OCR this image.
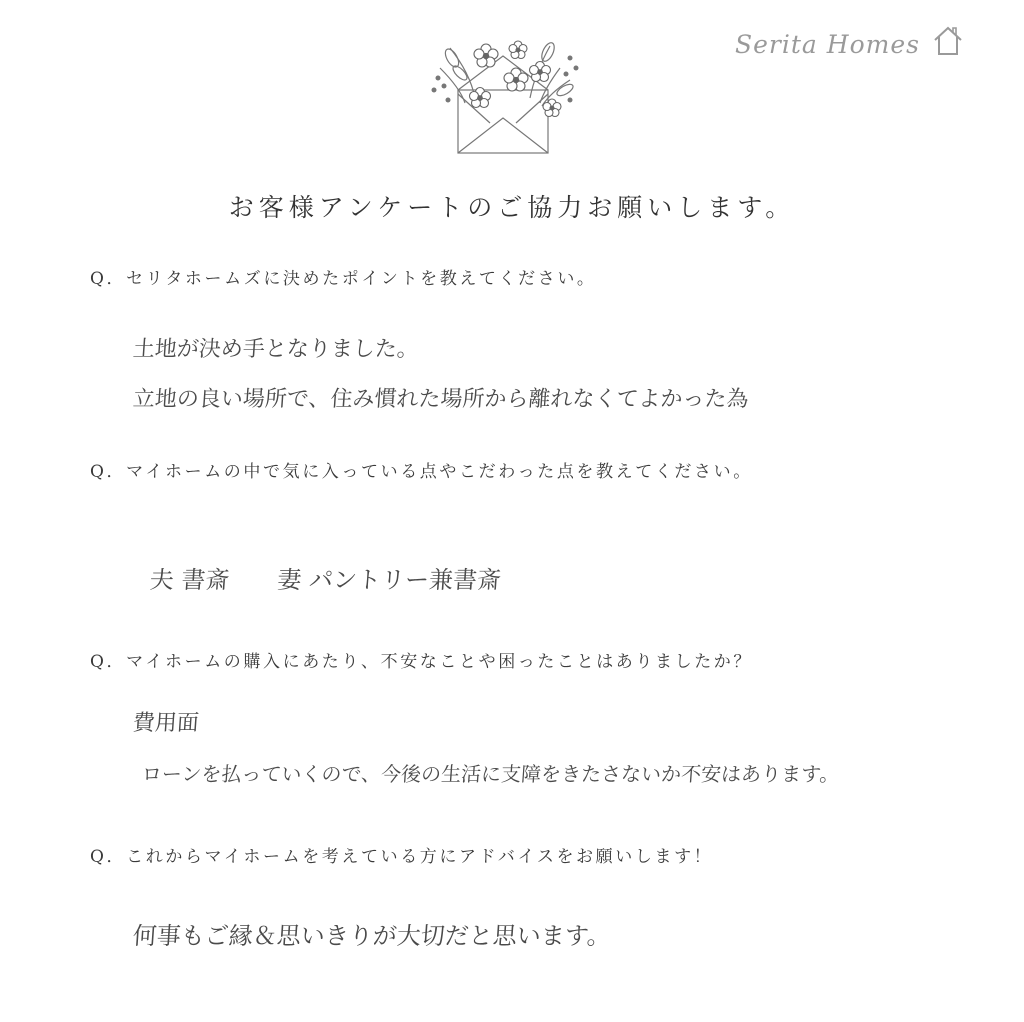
Serita Homes
お客様アンケートのご協力お願いします。
Q．セリタホームズに決めたポイントを教えてください。
土地が決め手となりました。
立地の良い場所で、住み慣れた場所から離れなくてよかった為
Q．マイホームの中で気に入っている点やこだわった点を教えてください。
夫 書斎　　妻 パントリー兼書斎
Q．マイホームの購入にあたり、不安なことや困ったことはありましたか？
費用面
ローンを払っていくので、今後の生活に支障をきたさないか不安はあります。
Q．これからマイホームを考えている方にアドバイスをお願いします！
何事もご縁＆思いきりが大切だと思います。
